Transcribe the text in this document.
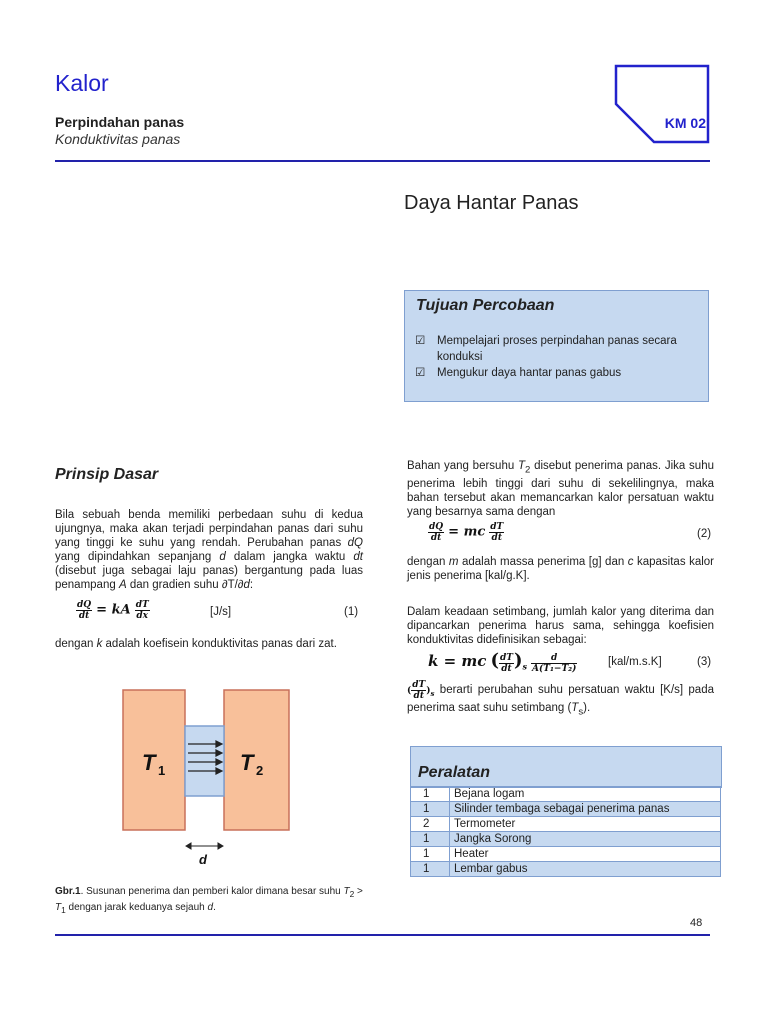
Kalor
Perpindahan panas
Konduktivitas panas
KM 02
Daya Hantar Panas
Tujuan Percobaan
☑ Mempelajari proses perpindahan panas secara konduksi
☑ Mengukur daya hantar panas gabus
Prinsip Dasar
Bila sebuah benda memiliki perbedaan suhu di kedua ujungnya, maka akan terjadi perpindahan panas dari suhu yang tinggi ke suhu yang rendah. Perubahan panas dQ yang dipindahkan sepanjang d dalam jangka waktu dt (disebut juga sebagai laju panas) bergantung pada luas penampang A dan gradien suhu ∂T/∂d:
$\frac{dQ}{dt}$ = kA $\frac{dT}{dx}$	[J/s]	(1)
dengan k adalah koefisein konduktivitas panas dari zat.
T 1	T 2
d
Gbr.1. Susunan penerima dan pemberi kalor dimana besar suhu $T_2 > T_1$ dengan jarak keduanya sejauh d.
Bahan yang bersuhu $T_2$ disebut penerima panas. Jika suhu penerima lebih tinggi dari suhu di sekelilingnya, maka bahan tersebut akan memancarkan kalor persatuan waktu yang besarnya sama dengan
$\frac{dQ}{dt}$ = mc $\frac{dT}{dt}$	(2)
dengan m adalah massa penerima [g] dan c kapasitas kalor jenis penerima [kal/g.K].
Dalam keadaan setimbang, jumlah kalor yang diterima dan dipancarkan penerima harus sama, sehingga koefisien konduktivitas didefinisikan sebagai:
k = mc ( $\frac{dT}{dt} )_s \frac{d}{\text{A(T₁−T₂)}}$	[kal/m.s.K]	(3)
( $\frac{dT}{dt} )_s$ berarti perubahan suhu persatuan waktu [K/s] pada penerima saat suhu setimbang $(T_s)$.
Peralatan
1	Bejana logam
1	Silinder tembaga sebagai penerima panas
2	Termometer
1	Jangka Sorong
1	Heater
1	Lembar gabus
48
